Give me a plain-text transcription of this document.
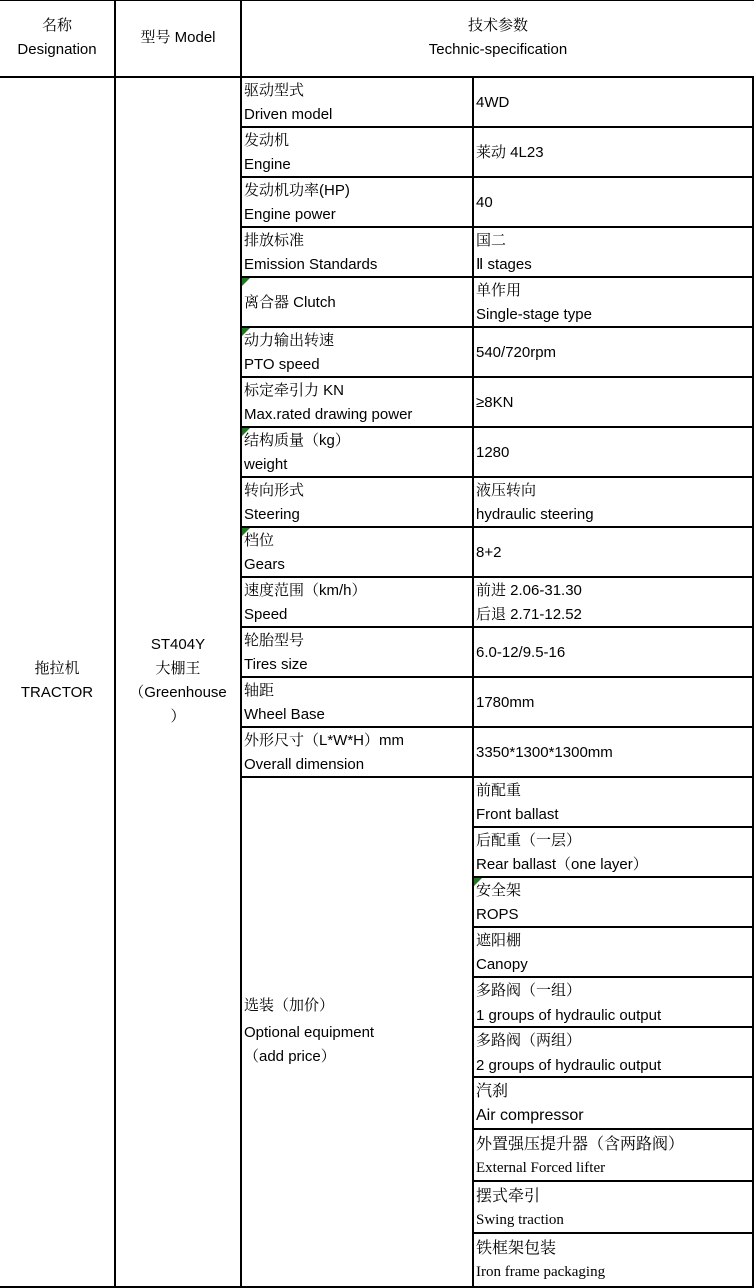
名称
Designation
型号 Model
技术参数
Technic-specification
拖拉机
TRACTOR
ST404Y
大棚王
（Greenhouse
）
驱动型式
Driven model
发动机
Engine
发动机功率(HP)
Engine power
排放标准
Emission Standards
离合器 Clutch
动力输出转速
PTO speed
标定牵引力 KN
Max.rated drawing power
结构质量（kg）
weight
转向形式
Steering
档位
Gears
速度范围（km/h）
Speed
轮胎型号
Tires size
轴距
Wheel Base
外形尺寸（L*W*H）mm
Overall dimension
4WD
莱动 4L23
40
国二
Ⅱ stages
单作用
Single-stage type
540/720rpm
≥8KN
1280
液压转向
hydraulic steering
8+2
前进 2.06-31.30
后退 2.71-12.52
6.0-12/9.5-16
1780mm
3350*1300*1300mm
选装（加价）
Optional equipment
（add price）
前配重
Front ballast
后配重（一层）
Rear ballast（one layer）
安全架
ROPS
遮阳棚
Canopy
多路阀（一组）
1 groups of hydraulic output
多路阀（两组）
2 groups of hydraulic output
汽刹
Air compressor
外置强压提升器（含两路阀）
External Forced lifter
摆式牵引
Swing traction
铁框架包装
Iron frame packaging
